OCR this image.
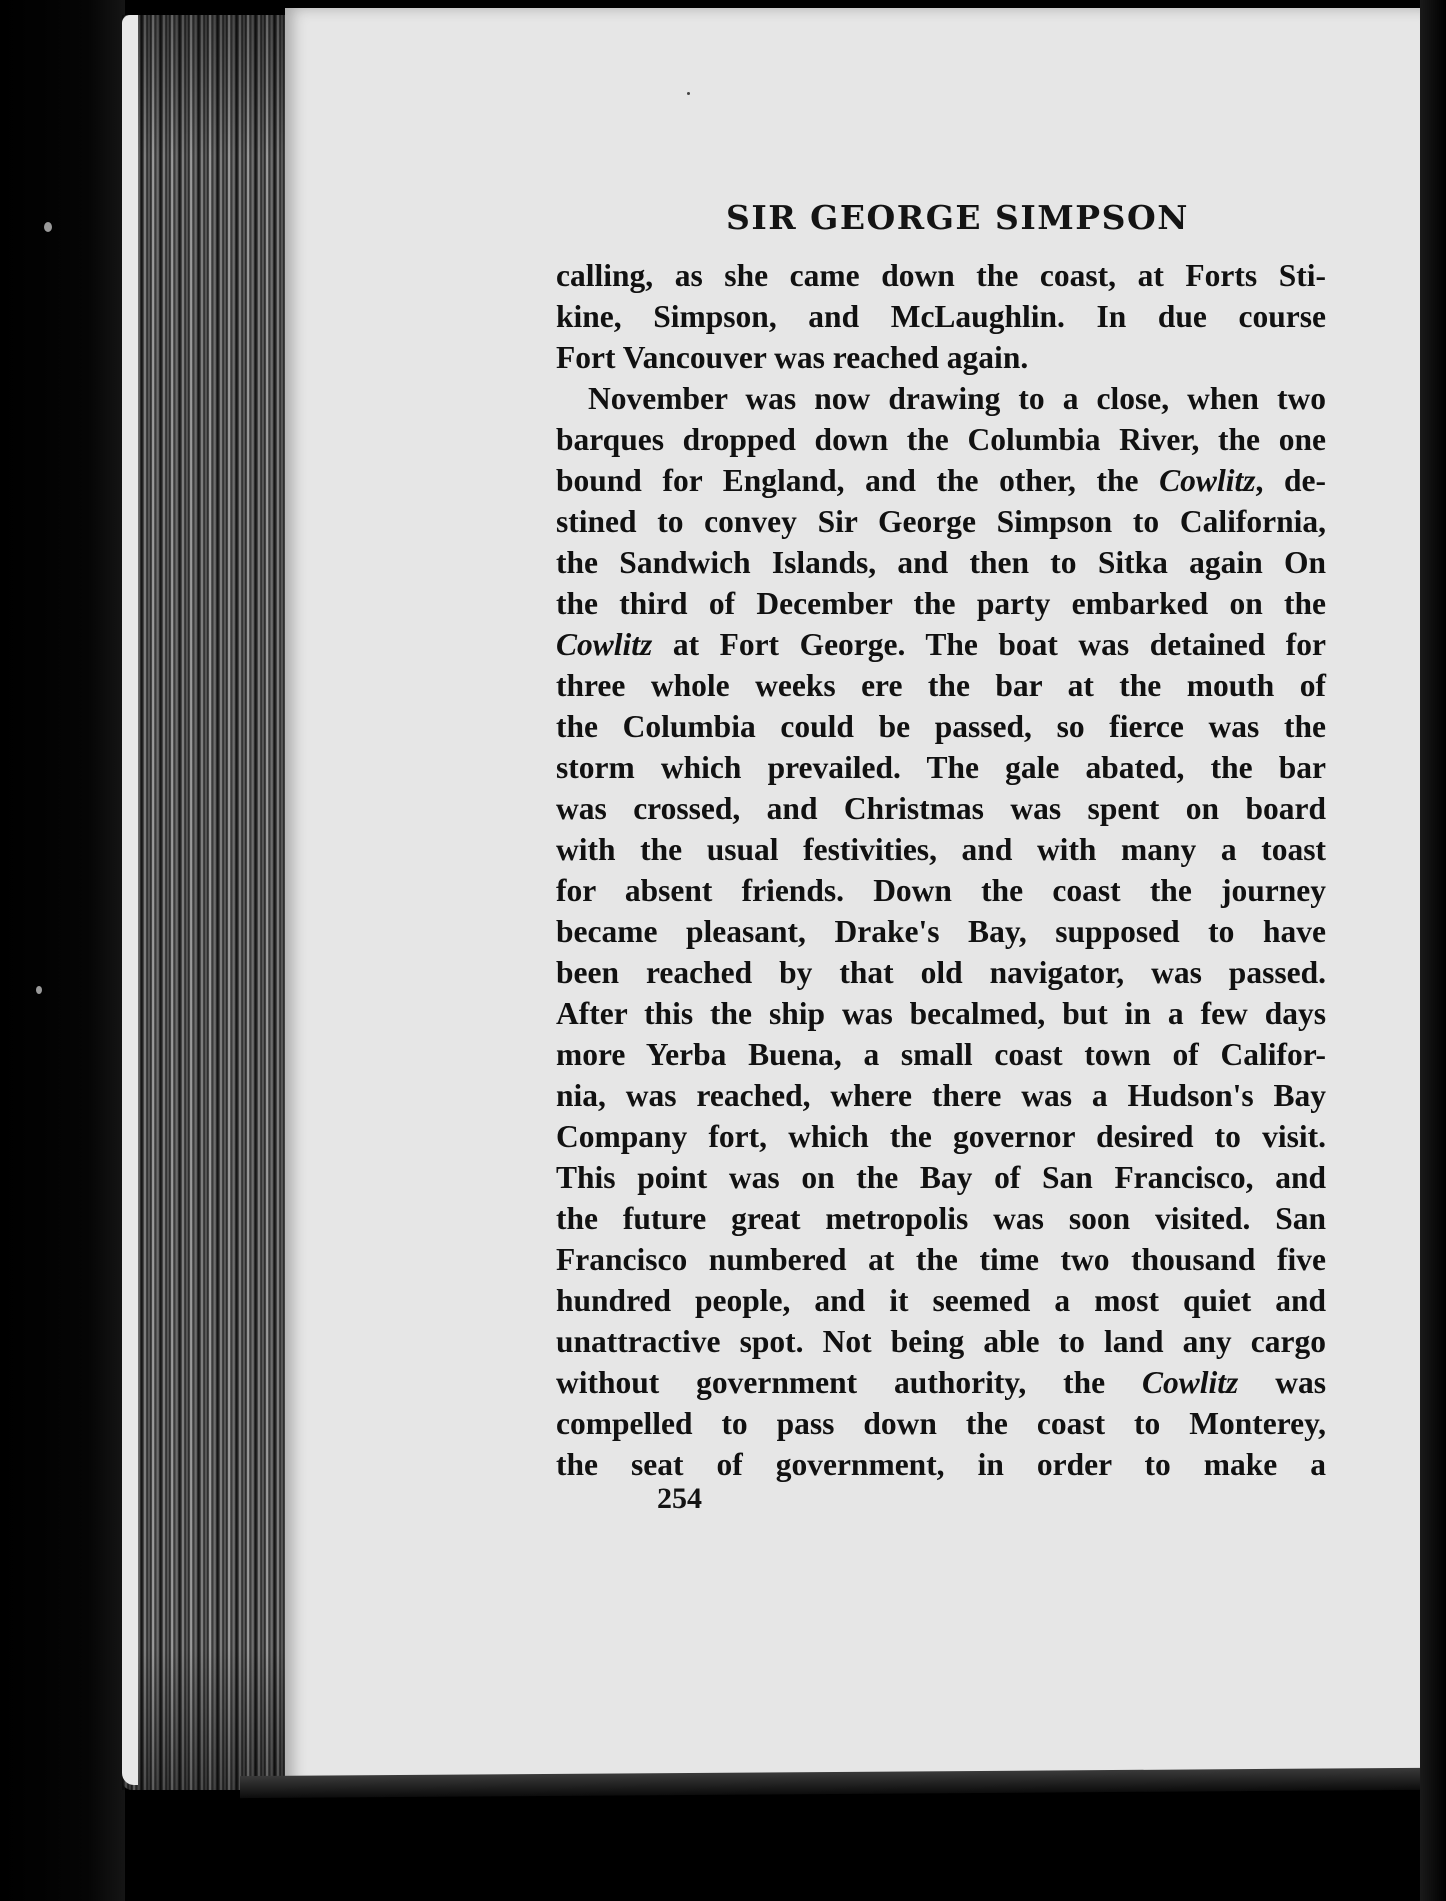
SIR GEORGE SIMPSON
calling, as she came down the coast, at Forts Sti-
kine, Simpson, and McLaughlin. In due course
Fort Vancouver was reached again.
November was now drawing to a close, when two
barques dropped down the Columbia River, the one
bound for England, and the other, the Cowlitz, de-
stined to convey Sir George Simpson to California,
the Sandwich Islands, and then to Sitka again On
the third of December the party embarked on the
Cowlitz at Fort George. The boat was detained for
three whole weeks ere the bar at the mouth of
the Columbia could be passed, so fierce was the
storm which prevailed. The gale abated, the bar
was crossed, and Christmas was spent on board
with the usual festivities, and with many a toast
for absent friends. Down the coast the journey
became pleasant, Drake's Bay, supposed to have
been reached by that old navigator, was passed.
After this the ship was becalmed, but in a few days
more Yerba Buena, a small coast town of Califor-
nia, was reached, where there was a Hudson's Bay
Company fort, which the governor desired to visit.
This point was on the Bay of San Francisco, and
the future great metropolis was soon visited. San
Francisco numbered at the time two thousand five
hundred people, and it seemed a most quiet and
unattractive spot. Not being able to land any cargo
without government authority, the Cowlitz was
compelled to pass down the coast to Monterey,
the seat of government, in order to make a
254
